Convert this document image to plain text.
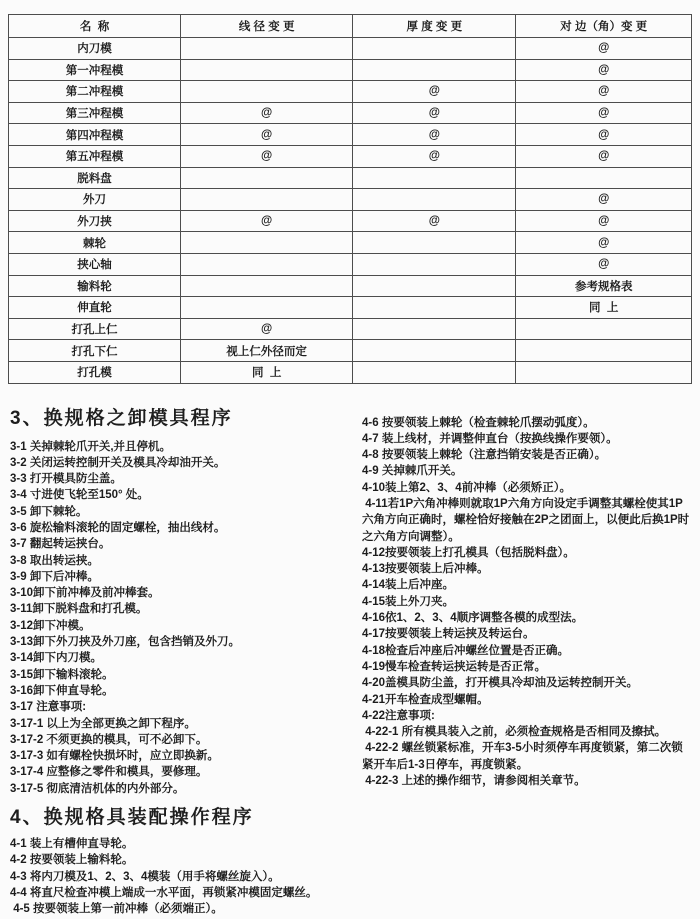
名  称	线 径 变 更	厚 度 变 更	对 边（角）变 更
内刀模			@
第一冲程模			@
第二冲程模		@	@
第三冲程模	@	@	@
第四冲程模	@	@	@
第五冲程模	@	@	@
脱料盘			
外刀			@
外刀挟	@	@	@
棘轮			@
挟心轴			@
输料轮			参考规格表
伸直轮			同  上
打孔上仁	@		
打孔下仁	视上仁外径而定		
打孔模	同  上		
3、换规格之卸模具程序

3-1 关掉棘轮爪开关,并且停机。

3-2 关闭运转控制开关及模具冷却油开关。

3-3 打开模具防尘盖。

3-4 寸进使飞轮至150° 处。

3-5 卸下棘轮。

3-6 旋松输料滚轮的固定螺栓，抽出线材。

3-7 翻起转运挟台。

3-8 取出转运挟。

3-9 卸下后冲棒。

3-10卸下前冲棒及前冲棒套。

3-11卸下脱料盘和打孔模。

3-12卸下冲模。

3-13卸下外刀挟及外刀座，包含挡销及外刀。

3-14卸下内刀模。

3-15卸下输料滚轮。

3-16卸下伸直导轮。

3-17 注意事项:

3-17-1 以上为全部更换之卸下程序。

3-17-2 不须更换的模具，可不必卸下。

3-17-3 如有螺栓快损坏时，应立即换新。

3-17-4 应整修之零件和模具，要修理。

3-17-5 彻底清洁机体的内外部分。

4、换规格具装配操作程序

4-1 装上有槽伸直导轮。

4-2 按要领装上输料轮。

4-3 将内刀模及1、2、3、4模装（用手将螺丝旋入）。

4-4 将直尺检查冲模上端成一水平面，再锁紧冲模固定螺丝。

4-5 按要领装上第一前冲棒（必须端正）。

4-6 按要领装上棘轮（检查棘轮爪摆动弧度）。

4-7 装上线材，并调整伸直台（按换线操作要领）。

4-8 按要领装上棘轮（注意挡销安装是否正确）。

4-9 关掉棘爪开关。

4-10装上第2、3、4前冲棒（必须矫正）。

4-11若1P六角冲棒则就取1P六角方向设定手调整其螺栓使其1P六角方向正确时，螺栓恰好接触在2P之团面上，以便此后换1P时之六角方向调整）。

4-12按要领装上打孔模具（包括脱料盘）。

4-13按要领装上后冲棒。

4-14装上后冲座。

4-15装上外刀夹。

4-16依1、2、3、4顺序调整各模的成型法。

4-17按要领装上转运挟及转运台。

4-18检查后冲座后冲螺丝位置是否正确。

4-19慢车检查转运挟运转是否正常。

4-20盖模具防尘盖，打开模具冷却油及运转控制开关。

4-21开车检查成型螺帽。

4-22注意事项:

4-22-1 所有模具装入之前，必须检查规格是否相同及擦拭。

4-22-2 螺丝锁紧标准，开车3-5小时须停车再度锁紧，第二次锁紧开车后1-3日停车，再度锁紧。

4-22-3 上述的操作细节，请参阅相关章节。
